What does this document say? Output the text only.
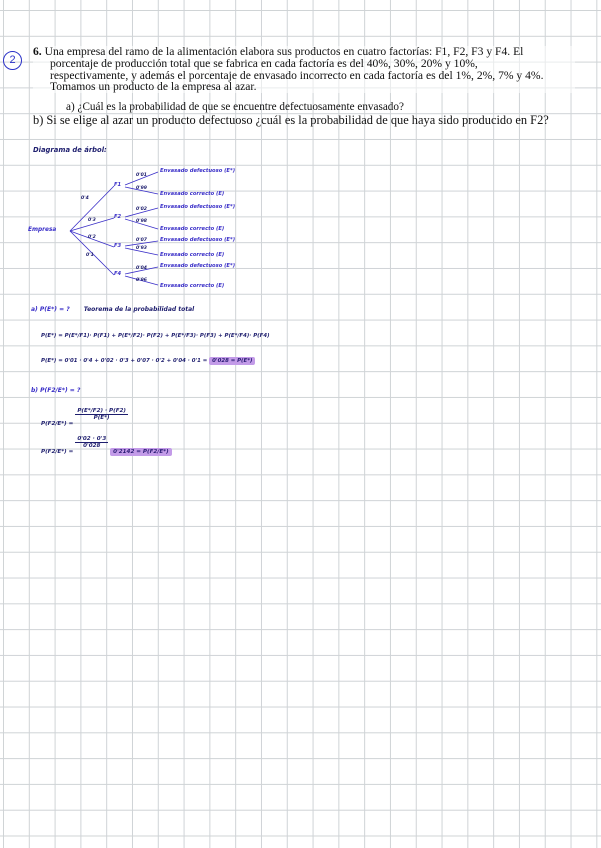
2
6. Una empresa del ramo de la alimentación elabora sus productos en cuatro factorías: F1, F2, F3 y F4. El
porcentaje de producción total que se fabrica en cada factoría es del 40%, 30%, 20% y 10%,
respectivamente, y además el porcentaje de envasado incorrecto en cada factoría es del 1%, 2%, 7% y 4%.
Tomamos un producto de la empresa al azar.
a) ¿Cuál es la probabilidad de que se encuentre defectuosamente envasado?
b) Si se elige al azar un producto defectuoso ¿cuál es la probabilidad de que haya sido producido en F2?
Diagrama de árbol:
Empresa
0'4
0'3
0'2
0'1
F1
F2
F3
F4
0'01
0'99
0'02
0'98
0'07
0'93
0'04
0'96
Envasado defectuoso (E*)
Envasado correcto (E)
Envasado defectuoso (E*)
Envasado correcto (E)
Envasado defectuoso (E*)
Envasado correcto (E)
Envasado defectuoso (E*)
Envasado correcto (E)
a) P(E*) = ? Teorema de la probabilidad total
P(E*) = P(E*/F1)· P(F1) + P(E*/F2)· P(F2) + P(E*/F3)· P(F3) + P(E*/F4)· P(F4)
P(E*) = 0'01 · 0'4 + 0'02 · 0'3 + 0'07 · 0'2 + 0'04 · 0'1 = 0'028 = P(E*)
b) P(F2/E*) = ?
P(F2/E*) =
$\frac{P(E*/F2) \cdot P(F2)}{P(E*)}$
P(F2/E*) =
$\frac{0'02 \cdot 0'3}{0'028}$
0'2142 = P(F2/E*)
